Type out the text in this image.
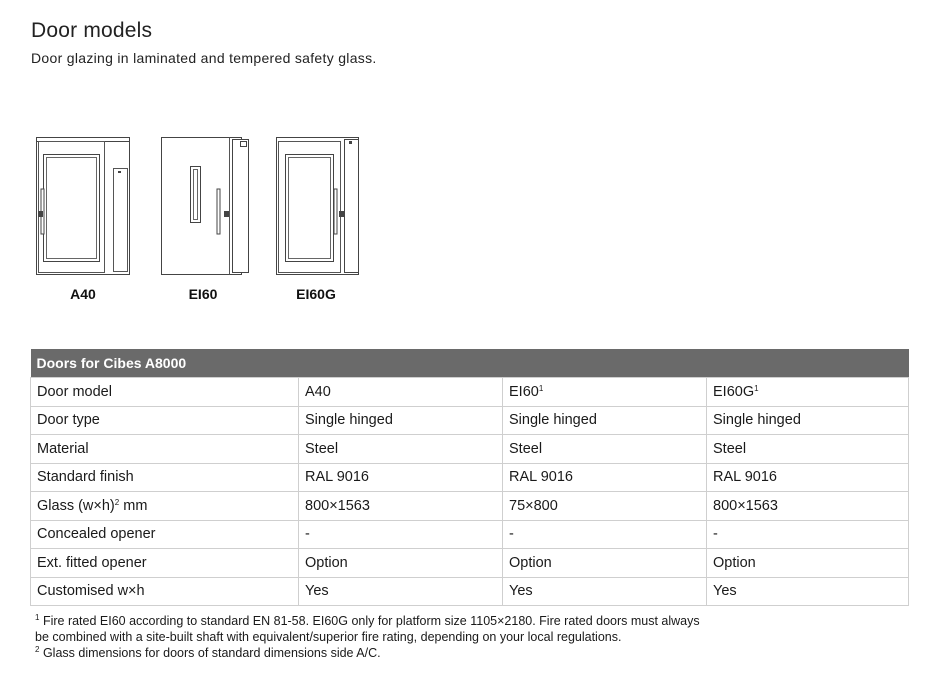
Door models

Door glazing in laminated and tempered safety glass.

A40	EI60	EI60G
Doors for Cibes A8000			
Door model	A40	$EI60^1$	$EI60G^1$
Door type	Single hinged	Single hinged	Single hinged
Material	Steel	Steel	Steel
Standard finish	RAL 9016	RAL 9016	RAL 9016
Glass $(w\times h)^2$ mm	800×1563	75×800	800×1563
Concealed opener	-	-	-
Ext. fitted opener	Option	Option	Option
Customised w×h	Yes	Yes	Yes

$^1$ Fire rated EI60 according to standard EN 81-58. EI60G only for platform size 1105×2180. Fire rated doors must always

be combined with a site-built shaft with equivalent/superior fire rating, depending on your local regulations.

$^2$ Glass dimensions for doors of standard dimensions side A/C.
